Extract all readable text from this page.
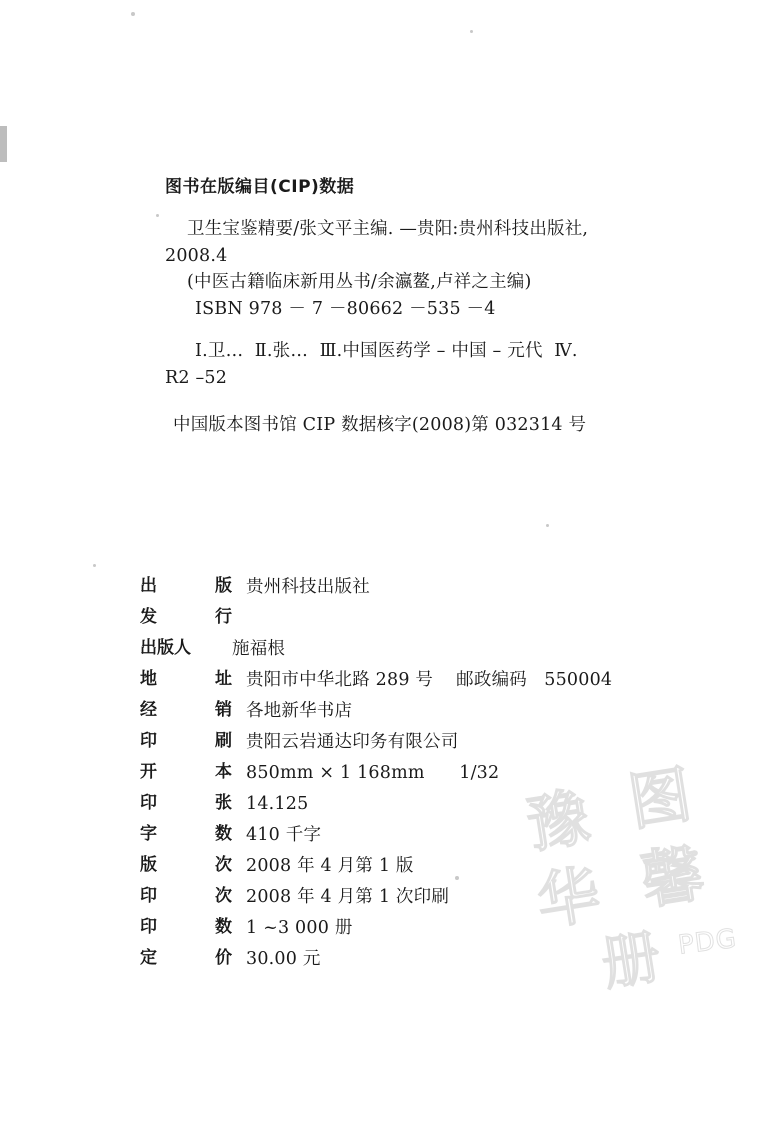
图书在版编目(CIP)数据
卫生宝鉴精要/张文平主编. —贵阳:贵州科技出版社,
2008.4
(中医古籍临床新用丛书/余瀛鳌,卢祥之主编)
ISBN 978 － 7 －80662 －535 －4
Ⅰ.卫…  Ⅱ.张…  Ⅲ.中国医药学 – 中国 – 元代  Ⅳ.
R2 –52
中国版本图书馆 CIP 数据核字(2008)第 032314 号
出	版 贵州科技出版社
发	行
出版人	施福根
地	址 贵阳市中华北路 289 号    邮政编码   550004
经	销 各地新华书店
印	刷 贵阳云岩通达印务有限公司
开	本 850mm × 1 168mm      1/32
印	张 14.125
字	数 410 千字
版	次 2008 年 4 月第 1 版
印	次 2008 年 4 月第 1 次印刷
印	数 1 ~3 000 册
定	价 30.00 元
豫 图
华 馨
册 PDG
